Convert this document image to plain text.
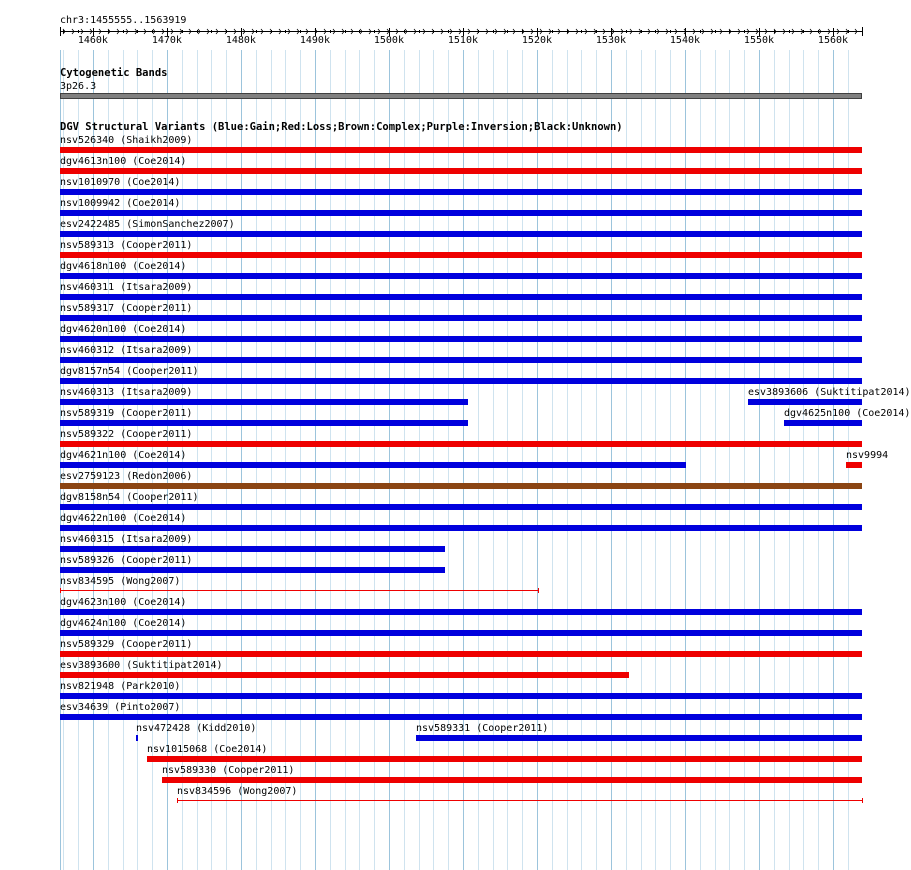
chr3:1455555..1563919
1460k	1470k	1480k	1490k	1500k	1510k	1520k	1530k	1540k	1550k	1560k
Cytogenetic Bands
3p26.3
DGV Structural Variants (Blue:Gain;Red:Loss;Brown:Complex;Purple:Inversion;Black:Unknown)
nsv526340 (Shaikh2009)
dgv4613n100 (Coe2014)
nsv1010970 (Coe2014)
nsv1009942 (Coe2014)
esv2422485 (SimonSanchez2007)
nsv589313 (Cooper2011)
dgv4618n100 (Coe2014)
nsv460311 (Itsara2009)
nsv589317 (Cooper2011)
dgv4620n100 (Coe2014)
nsv460312 (Itsara2009)
dgv8157n54 (Cooper2011)
nsv460313 (Itsara2009)	esv3893606 (Suktitipat2014)
nsv589319 (Cooper2011)	dgv4625n100 (Coe2014)
nsv589322 (Cooper2011)
dgv4621n100 (Coe2014)	nsv9994
esv2759123 (Redon2006)
dgv8158n54 (Cooper2011)
dgv4622n100 (Coe2014)
nsv460315 (Itsara2009)
nsv589326 (Cooper2011)
nsv834595 (Wong2007)
dgv4623n100 (Coe2014)
dgv4624n100 (Coe2014)
nsv589329 (Cooper2011)
esv3893600 (Suktitipat2014)
nsv821948 (Park2010)
esv34639 (Pinto2007)
nsv472428 (Kidd2010)	nsv589331 (Cooper2011)
nsv1015068 (Coe2014)
nsv589330 (Cooper2011)
nsv834596 (Wong2007)
